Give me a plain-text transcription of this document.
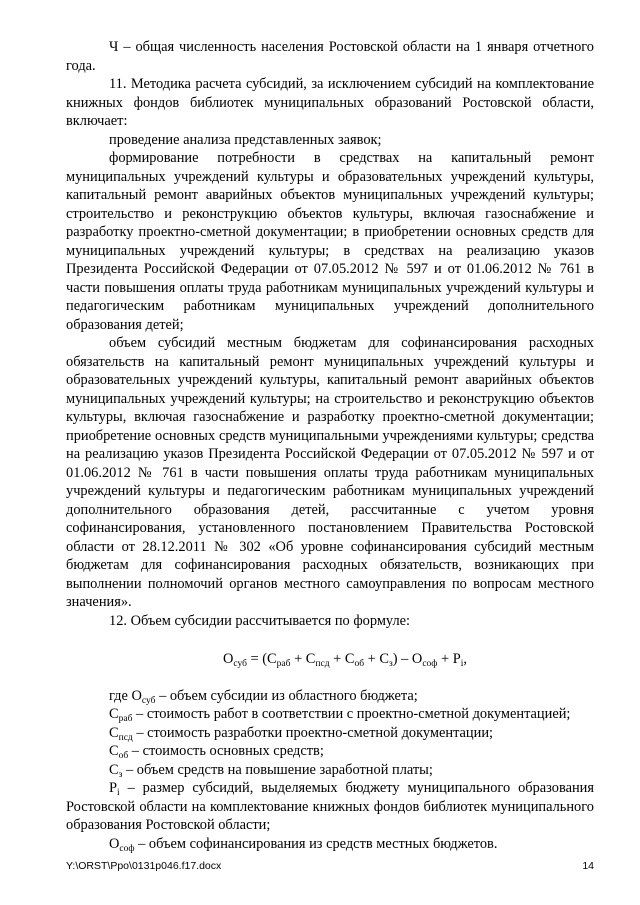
Ч – общая численность населения Ростовской области на 1 января отчетного года.

11. Методика расчета субсидий, за исключением субсидий на комплектование книжных фондов библиотек муниципальных образований Ростовской области, включает:

проведение анализа представленных заявок;

формирование потребности в средствах на капитальный ремонт муниципальных учреждений культуры и образовательных учреждений культуры, капитальный ремонт аварийных объектов муниципальных учреждений культуры; строительство и реконструкцию объектов культуры, включая газоснабжение и разработку проектно-сметной документации; в приобретении основных средств для муниципальных учреждений культуры; в средствах на реализацию указов Президента Российской Федерации от 07.05.2012 № 597 и от 01.06.2012 № 761 в части повышения оплаты труда работникам муниципальных учреждений культуры и педагогическим работникам муниципальных учреждений дополнительного образования детей;

объем субсидий местным бюджетам для софинансирования расходных обязательств на капитальный ремонт муниципальных учреждений культуры и образовательных учреждений культуры, капитальный ремонт аварийных объектов муниципальных учреждений культуры; на строительство и реконструкцию объектов культуры, включая газоснабжение и разработку проектно-сметной документации; приобретение основных средств муниципальными учреждениями культуры; средства на реализацию указов Президента Российской Федерации от 07.05.2012 № 597 и от 01.06.2012 № 761 в части повышения оплаты труда работникам муниципальных учреждений культуры и педагогическим работникам муниципальных учреждений дополнительного образования детей, рассчитанные с учетом уровня софинансирования, установленного постановлением Правительства Ростовской области от 28.12.2011 № 302 «Об уровне софинансирования субсидий местным бюджетам для софинансирования расходных обязательств, возникающих при выполнении полномочий органов местного самоуправления по вопросам местного значения».

12. Объем субсидии рассчитывается по формуле:

$О_{суб} = (С_{раб} + С_{псд} + С_{об} + С_з) - О_{соф} + Р_i$,

где $О_{суб}$ – объем субсидии из областного бюджета;

$С_{раб}$ – стоимость работ в соответствии с проектно-сметной документацией;

$С_{псд}$ – стоимость разработки проектно-сметной документации;

$С_{об}$ – стоимость основных средств;

$С_з$ – объем средств на повышение заработной платы;

$Р_i$ – размер субсидий, выделяемых бюджету муниципального образования Ростовской области на комплектование книжных фондов библиотек муниципального образования Ростовской области;

$О_{соф}$ – объем софинансирования из средств местных бюджетов.

Y:\ORST\Ppo\0131p046.f17.docx	14
